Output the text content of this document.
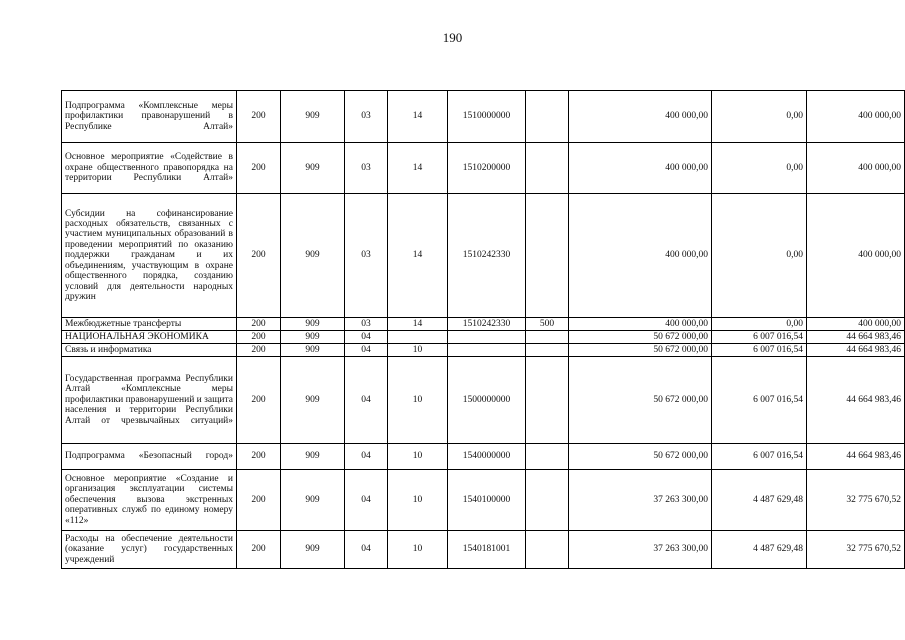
190
Подпрограмма «Комплексные меры профилактики правонарушений в Республике Алтай»	200	909	03	14	1510000000		400 000,00	0,00	400 000,00
Основное мероприятие «Содействие в охране общественного правопорядка на территории Республики Алтай»	200	909	03	14	1510200000		400 000,00	0,00	400 000,00
Субсидии на софинансирование расходных обязательств, связанных с участием муниципальных образований в проведении мероприятий по оказанию поддержки гражданам и их объединениям, участвующим в охране общественного порядка, созданию условий для деятельности народных дружин	200	909	03	14	1510242330		400 000,00	0,00	400 000,00
Межбюджетные трансферты	200	909	03	14	1510242330	500	400 000,00	0,00	400 000,00
НАЦИОНАЛЬНАЯ ЭКОНОМИКА	200	909	04				50 672 000,00	6 007 016,54	44 664 983,46
Связь и информатика	200	909	04	10			50 672 000,00	6 007 016,54	44 664 983,46
Государственная программа Республики Алтай «Комплексные меры профилактики правонарушений и защита населения и территории Республики Алтай от чрезвычайных ситуаций»	200	909	04	10	1500000000		50 672 000,00	6 007 016,54	44 664 983,46
Подпрограмма «Безопасный город»	200	909	04	10	1540000000		50 672 000,00	6 007 016,54	44 664 983,46
Основное мероприятие «Создание и организация эксплуатации системы обеспечения вызова экстренных оперативных служб по единому номеру «112»	200	909	04	10	1540100000		37 263 300,00	4 487 629,48	32 775 670,52
Расходы на обеспечение деятельности (оказание услуг) государственных учреждений	200	909	04	10	1540181001		37 263 300,00	4 487 629,48	32 775 670,52
